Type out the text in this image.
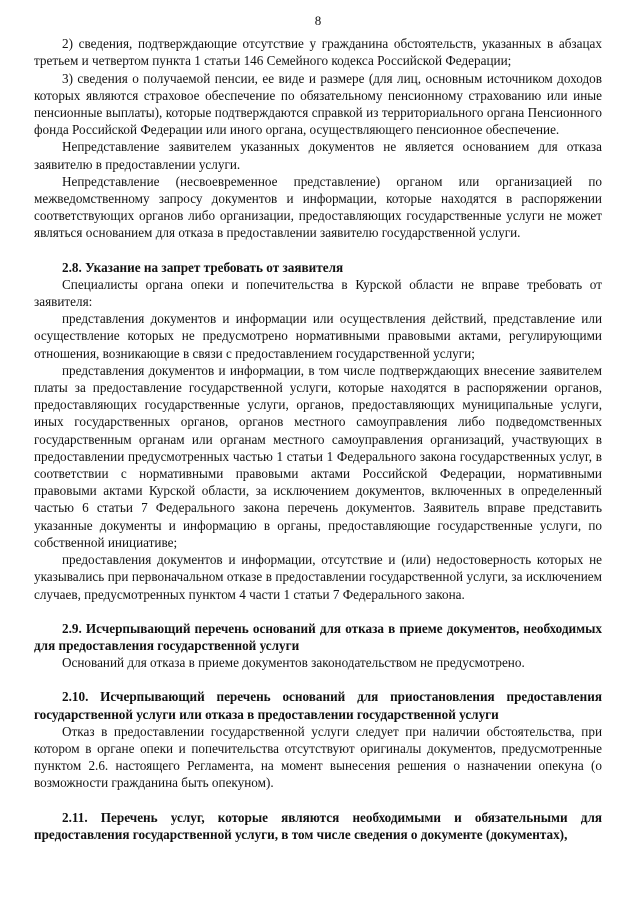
8

2) сведения, подтверждающие отсутствие у гражданина обстоятельств, указанных в абзацах третьем и четвертом пункта 1 статьи 146 Семейного кодекса Российской Федерации;

3) сведения о получаемой пенсии, ее виде и размере (для лиц, основным источником доходов которых являются страховое обеспечение по обязательному пенсионному страхованию или иные пенсионные выплаты), которые подтверждаются справкой из территориального органа Пенсионного фонда Российской Федерации или иного органа, осуществляющего пенсионное обеспечение.

Непредставление заявителем указанных документов не является основанием для отказа заявителю в предоставлении услуги.

Непредставление (несвоевременное представление) органом или организацией по межведомственному запросу документов и информации, которые находятся в распоряжении соответствующих органов либо организации, предоставляющих государственные услуги не может являться основанием для отказа в предоставлении заявителю государственной услуги.

2.8. Указание на запрет требовать от заявителя

Специалисты органа опеки и попечительства в Курской области не вправе требовать от заявителя:

представления документов и информации или осуществления действий, представление или осуществление которых не предусмотрено нормативными правовыми актами, регулирующими отношения, возникающие в связи с предоставлением государственной услуги;

представления документов и информации, в том числе подтверждающих внесение заявителем платы за предоставление государственной услуги, которые находятся в распоряжении органов, предоставляющих государственные услуги, органов, предоставляющих муниципальные услуги, иных государственных органов, органов местного самоуправления либо подведомственных государственным органам или органам местного самоуправления организаций, участвующих в предоставлении предусмотренных частью 1 статьи 1 Федерального закона государственных услуг, в соответствии с нормативными правовыми актами Российской Федерации, нормативными правовыми актами Курской области, за исключением документов, включенных в определенный частью 6 статьи 7 Федерального закона перечень документов. Заявитель вправе представить указанные документы и информацию в органы, предоставляющие государственные услуги, по собственной инициативе;

предоставления документов и информации, отсутствие и (или) недостоверность которых не указывались при первоначальном отказе в предоставлении государственной услуги, за исключением случаев, предусмотренных пунктом 4 части 1 статьи 7 Федерального закона.

2.9. Исчерпывающий перечень оснований для отказа в приеме документов, необходимых для предоставления государственной услуги

Оснований для отказа в приеме документов законодательством не предусмотрено.

2.10. Исчерпывающий перечень оснований для приостановления предоставления государственной услуги или отказа в предоставлении государственной услуги

Отказ в предоставлении государственной услуги следует при наличии обстоятельства, при котором в органе опеки и попечительства отсутствуют оригиналы документов, предусмотренные пунктом 2.6. настоящего Регламента, на момент вынесения решения о назначении опекуна (о возможности гражданина быть опекуном).

2.11. Перечень услуг, которые являются необходимыми и обязательными для предоставления государственной услуги, в том числе сведения о документе (документах),
